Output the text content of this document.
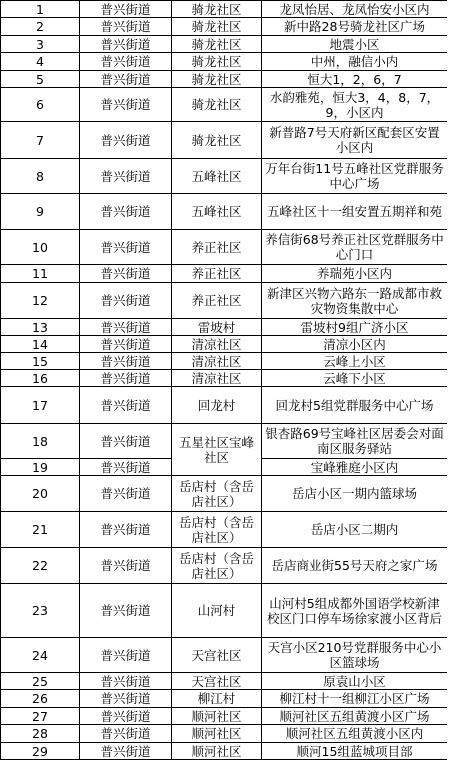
1	普兴街道	骑龙社区	龙凤怡居、龙凤怡安小区内
2	普兴街道	骑龙社区	新中路28号骑龙社区广场
3	普兴街道	骑龙社区	地震小区
4	普兴街道	骑龙社区	中州，融信小内
5	普兴街道	骑龙社区	恒大1，2，6，7
6	普兴街道	骑龙社区	水韵雅苑，恒大3，4，8，7，9，小区内
7	普兴街道	骑龙社区	新普路7号天府新区配套区安置小区内
8	普兴街道	五峰社区	万年台街11号五峰社区党群服务中心广场
9	普兴街道	五峰社区	五峰社区十一组安置五期祥和苑
10	普兴街道	养正社区	养信街68号养正社区党群服务中心门口
11	普兴街道	养正社区	养瑞苑小区内
12	普兴街道	养正社区	新津区兴物六路东一路成都市救灾物资集散中心
13	普兴街道	雷坡村	雷坡村9组广济小区
14	普兴街道	清凉社区	清凉小区内
15	普兴街道	清凉社区	云峰上小区
16	普兴街道	清凉社区	云峰下小区
17	普兴街道	回龙村	回龙村5组党群服务中心广场
18	普兴街道	五星社区宝峰社区	银杏路69号宝峰社区居委会对面南区服务驿站
19	普兴街道		宝峰雅庭小区内
20	普兴街道	岳店村（含岳店社区）	岳店小区一期内篮球场
21	普兴街道	岳店村（含岳店社区）	岳店小区二期内
22	普兴街道	岳店村（含岳店社区）	岳店商业街55号天府之家广场
23	普兴街道	山河村	山河村5组成都外国语学校新津校区门口停车场徐家渡小区背后
24	普兴街道	天宫社区	天宫小区210号党群服务中心小区篮球场
25	普兴街道	天宫社区	原袁山小区
26	普兴街道	柳江村	柳江村十一组柳江小区广场
27	普兴街道	顺河社区	顺河社区五组黄渡小区广场
28	普兴街道	顺河社区	顺河社区五组黄渡小区内
29	普兴街道	顺河社区	顺河15组蓝城项目部
